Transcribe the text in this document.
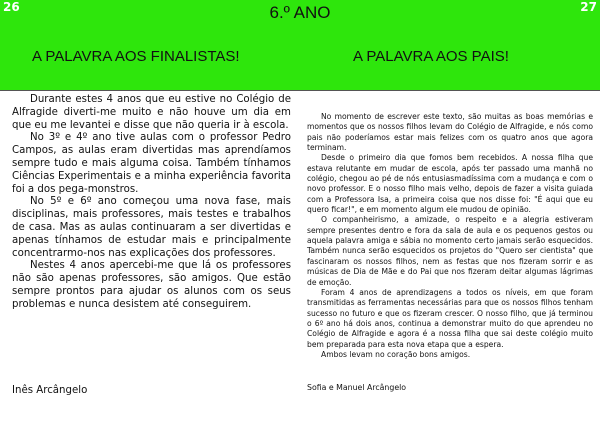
26	27
6.º ANO
A PALAVRA AOS FINALISTAS!	A PALAVRA AOS PAIS!

Durante estes 4 anos que eu estive no Colégio de Alfragide diverti-me muito e não houve um dia em que eu me levantei e disse que não queria ir à escola.

No 3º e 4º ano tive aulas com o professor Pedro Campos, as aulas eram divertidas mas aprendíamos sempre tudo e mais alguma coisa. Também tínhamos Ciências Experimentais e a minha experiência favorita foi a dos pega-monstros.

No 5º e 6º ano começou uma nova fase, mais disciplinas, mais professores, mais testes e trabalhos de casa. Mas as aulas continuaram a ser divertidas e apenas tínhamos de estudar mais e principalmente concentrarmo-nos nas explicações dos professores.

Nestes 4 anos apercebi-me que lá os professores não são apenas professores, são amigos. Que estão sempre prontos para ajudar os alunos com os seus problemas e nunca desistem até conseguirem.

Inês Arcângelo

No momento de escrever este texto, são muitas as boas memórias e momentos que os nossos filhos levam do Colégio de Alfragide, e nós como pais não poderíamos estar mais felizes com os quatro anos que agora terminam.

Desde o primeiro dia que fomos bem recebidos. A nossa filha que estava relutante em mudar de escola, após ter passado uma manhã no colégio, chegou ao pé de nós entusiasmadíssima com a mudança e com o novo professor. E o nosso filho mais velho, depois de fazer a visita guiada com a Professora Isa, a primeira coisa que nos disse foi: "É aqui que eu quero ficar!", e em momento algum ele mudou de opinião.

O companheirismo, a amizade, o respeito e a alegria estiveram sempre presentes dentro e fora da sala de aula e os pequenos gestos ou aquela palavra amiga e sábia no momento certo jamais serão esquecidos. Também nunca serão esquecidos os projetos do "Quero ser cientista" que fascinaram os nossos filhos, nem as festas que nos fizeram sorrir e as músicas de Dia de Mãe e do Pai que nos fizeram deitar algumas lágrimas de emoção.

Foram 4 anos de aprendizagens a todos os níveis, em que foram transmitidas as ferramentas necessárias para que os nossos filhos tenham sucesso no futuro e que os fizeram crescer. O nosso filho, que já terminou o 6º ano há dois anos, continua a demonstrar muito do que aprendeu no Colégio de Alfragide e agora é a nossa filha que sai deste colégio muito bem preparada para esta nova etapa que a espera.

Ambos levam no coração bons amigos.

Sofia e Manuel Arcângelo
